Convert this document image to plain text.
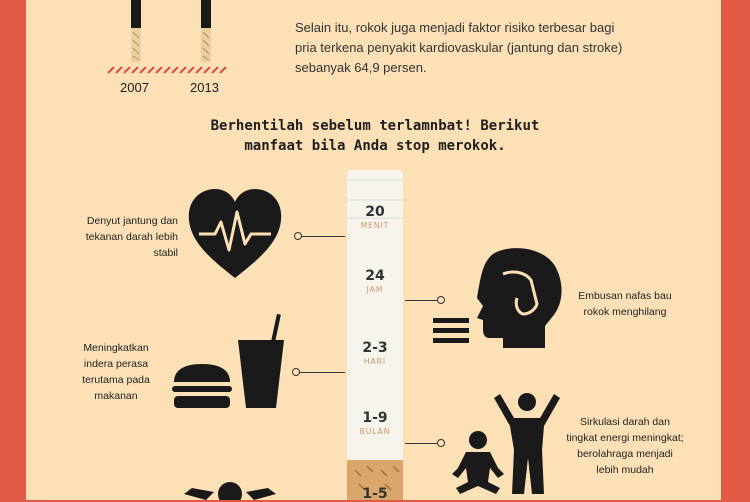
2007	2013
Selain itu, rokok juga menjadi faktor risiko terbesar bagi pria terkena penyakit kardiovaskular (jantung dan stroke) sebanyak 64,9 persen.
Berhentilah sebelum terlamnbat! Berikut
manfaat bila Anda stop merokok.
20
MENIT
24
JAM
2-3
HARI
1-9
BULAN
1-5
Denyut jantung dan tekanan darah lebih stabil
Embusan nafas bau rokok menghilang
Meningkatkan indera perasa terutama pada makanan
Sirkulasi darah dan tingkat energi meningkat; berolahraga menjadi lebih mudah
